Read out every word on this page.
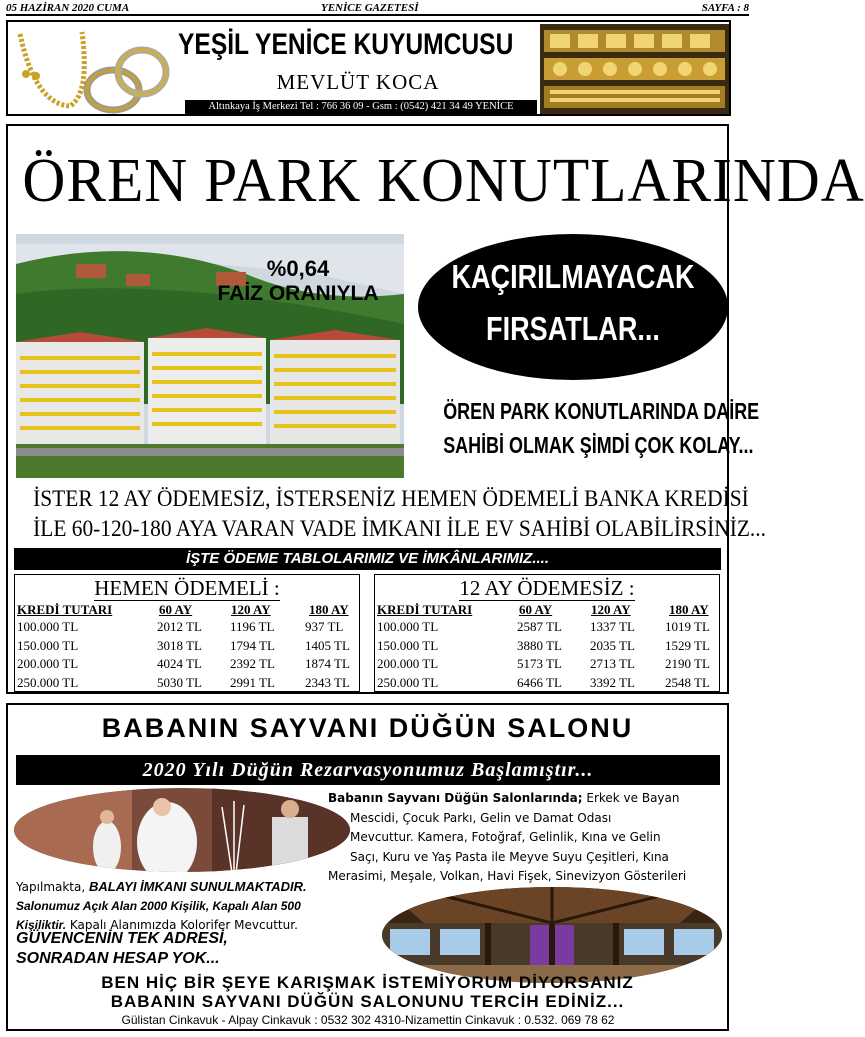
05 HAZİRAN 2020 CUMA	YENİCE GAZETESİ	SAYFA : 8
YEŞİL YENİCE KUYUMCUSU
MEVLÜT KOCA
Altınkaya İş Merkezi Tel : 766 36 09 - Gsm : (0542) 421 34 49 YENİCE
ÖREN PARK KONUTLARINDA
%0,64
FAİZ ORANIYLA	KAÇIRILMAYACAK
FIRSATLAR...
ÖREN PARK KONUTLARINDA DAİRE
SAHİBİ OLMAK ŞİMDİ ÇOK KOLAY...
İSTER 12 AY ÖDEMESİZ, İSTERSENİZ HEMEN ÖDEMELİ BANKA KREDİSİ
İLE 60-120-180 AYA VARAN VADE İMKANI İLE EV SAHİBİ OLABİLİRSİNİZ...
İŞTE ÖDEME TABLOLARIMIZ VE İMKÂNLARIMIZ....
HEMEN ÖDEMELİ :
KREDİ TUTARI	60 AY	120 AY	180 AY
100.000 TL	2012 TL 1196 TL 937 TL
150.000 TL	3018 TL 1794 TL 1405 TL
200.000 TL	4024 TL 2392 TL 1874 TL
250.000 TL	5030 TL 2991 TL 2343 TL
12 AY ÖDEMESİZ :
KREDİ TUTARI	60 AY	120 AY	180 AY
100.000 TL	2587 TL 1337 TL 1019 TL
150.000 TL	3880 TL 2035 TL 1529 TL
200.000 TL	5173 TL 2713 TL 2190 TL
250.000 TL	6466 TL 3392 TL 2548 TL
BABANIN SAYVANI DÜĞÜN SALONU
2020 Yılı Düğün Rezarvasyonumuz Başlamıştır...
Babanın Sayvanı Düğün Salonlarında; Erkek ve Bayan
Mescidi, Çocuk Parkı, Gelin ve Damat Odası
Mevcuttur. Kamera, Fotoğraf, Gelinlik, Kına ve Gelin
Saçı, Kuru ve Yaş Pasta ile Meyve Suyu Çeşitleri, Kına
Merasimi, Meşale, Volkan, Havi Fişek, Sinevizyon Gösterileri
Yapılmakta, BALAYI İMKANI SUNULMAKTADIR.
Salonumuz Açık Alan 2000 Kişilik, Kapalı Alan 500
Kişiliktir. Kapalı Alanımızda Kolorifer Mevcuttur.
GÜVENCENİN TEK ADRESİ,
SONRADAN HESAP YOK...
BEN HİÇ BİR ŞEYE KARIŞMAK İSTEMİYORUM DİYORSANIZ
BABANIN SAYVANI DÜĞÜN SALONUNU TERCİH EDİNİZ...
Gülistan Cinkavuk - Alpay Cinkavuk : 0532 302 4310-Nizamettin Cinkavuk : 0.532. 069 78 62
